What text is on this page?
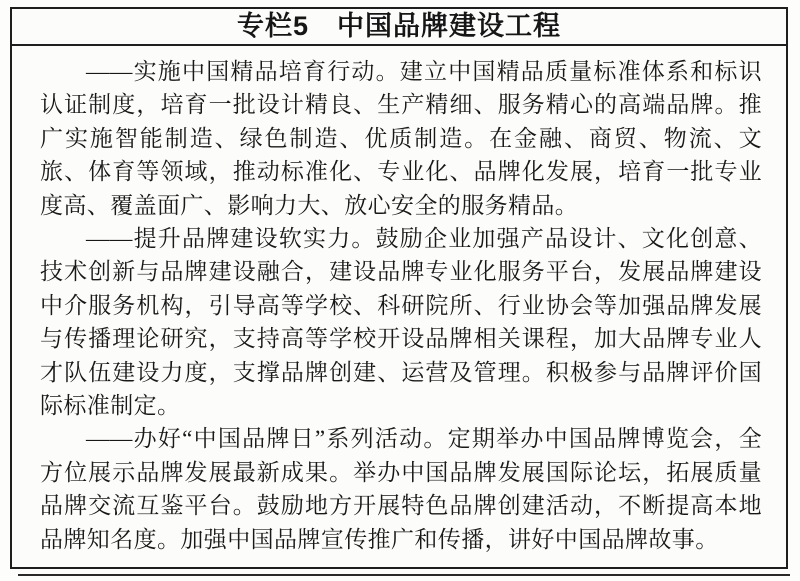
专栏5　中国品牌建设工程

——实施中国精品培育行动。建立中国精品质量标准体系和标识认证制度，培育一批设计精良、生产精细、服务精心的高端品牌。推广实施智能制造、绿色制造、优质制造。在金融、商贸、物流、文旅、体育等领域，推动标准化、专业化、品牌化发展，培育一批专业度高、覆盖面广、影响力大、放心安全的服务精品。

——提升品牌建设软实力。鼓励企业加强产品设计、文化创意、技术创新与品牌建设融合，建设品牌专业化服务平台，发展品牌建设中介服务机构，引导高等学校、科研院所、行业协会等加强品牌发展与传播理论研究，支持高等学校开设品牌相关课程，加大品牌专业人才队伍建设力度，支撑品牌创建、运营及管理。积极参与品牌评价国际标准制定。

——办好“中国品牌日”系列活动。定期举办中国品牌博览会，全方位展示品牌发展最新成果。举办中国品牌发展国际论坛，拓展质量品牌交流互鉴平台。鼓励地方开展特色品牌创建活动，不断提高本地品牌知名度。加强中国品牌宣传推广和传播，讲好中国品牌故事。
